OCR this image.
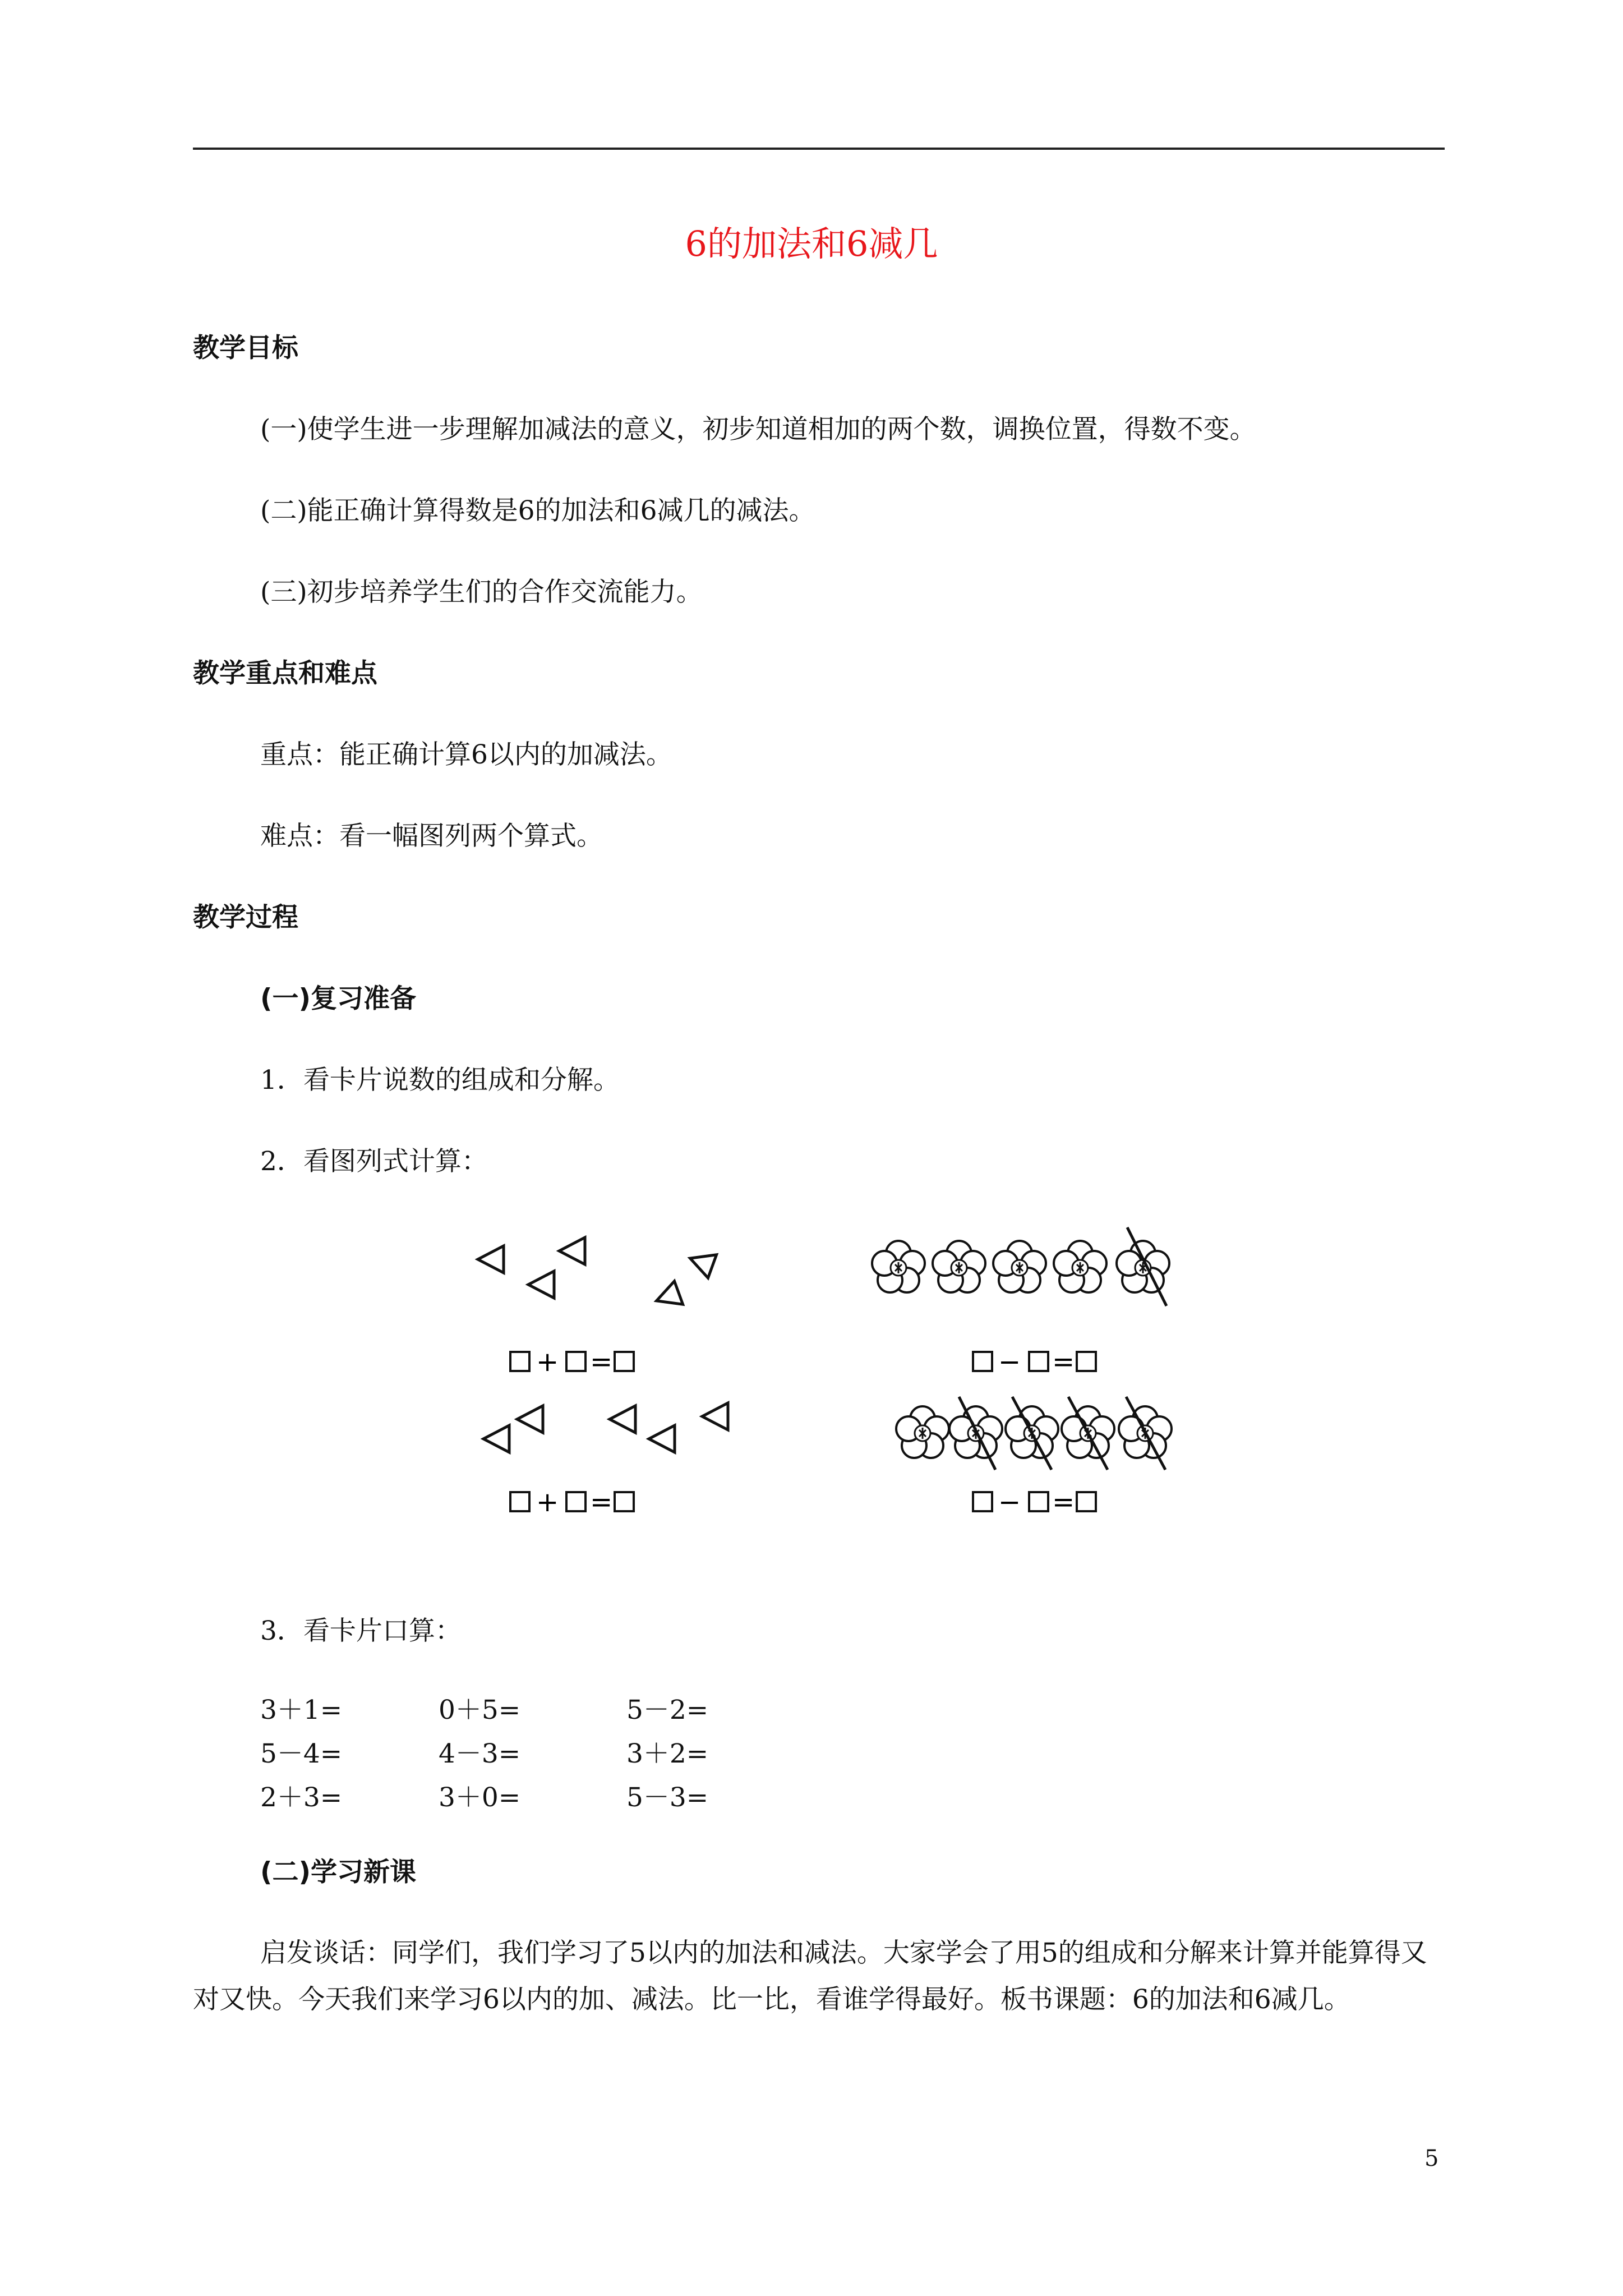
6的加法和6减几
教学目标
(一)使学生进一步理解加减法的意义，初步知道相加的两个数，调换位置，得数不变。
(二)能正确计算得数是6的加法和6减几的减法。
(三)初步培养学生们的合作交流能力。
教学重点和难点
重点：能正确计算6以内的加减法。
难点：看一幅图列两个算式。
教学过程
(一)复习准备
1．看卡片说数的组成和分解。
2．看图列式计算：
+ =
+ =
− =
− =
3．看卡片口算：
3＋1=	0＋5=	5－2=
5－4=	4－3=	3＋2=
2＋3=	3＋0=	5－3=
(二)学习新课

启发谈话：同学们，我们学习了5以内的加法和减法。大家学会了用5的组成和分解来计算并能算得又对又快。今天我们来学习6以内的加、减法。比一比，看谁学得最好。板书课题：6的加法和6减几。

5
